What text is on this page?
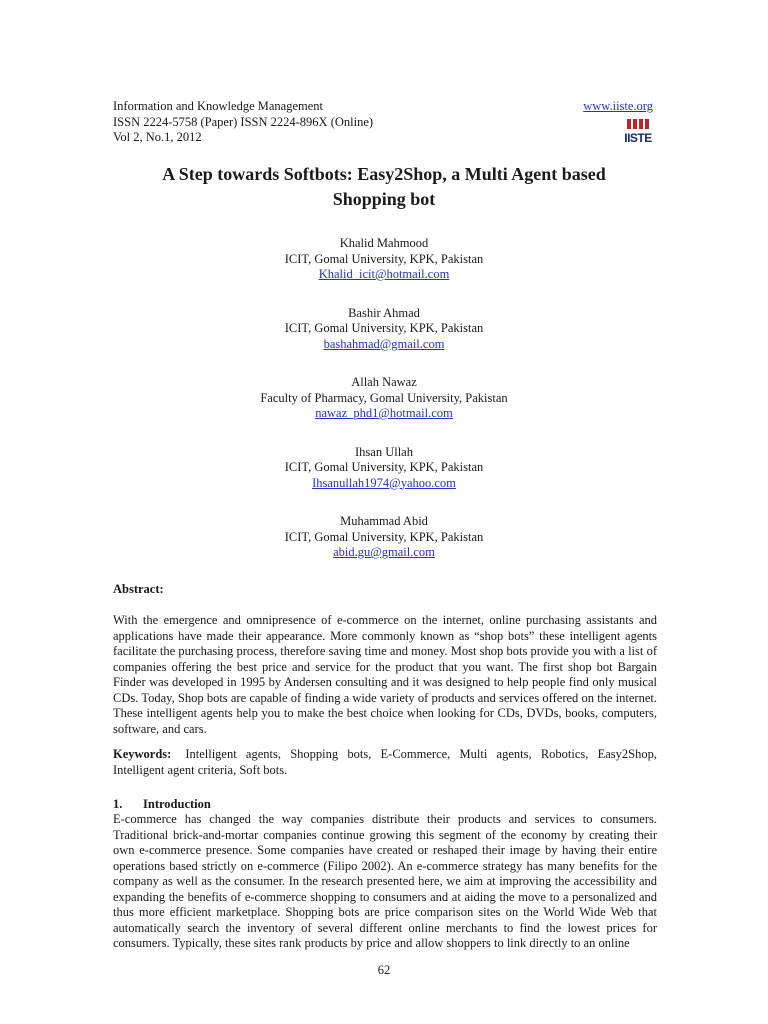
Information and Knowledge Management
ISSN 2224-5758 (Paper) ISSN 2224-896X (Online)
Vol 2, No.1, 2012
www.iiste.org
IISTE
A Step towards Softbots: Easy2Shop, a Multi Agent based
Shopping bot
Khalid Mahmood
ICIT, Gomal University, KPK, Pakistan
Khalid_icit@hotmail.com
Bashir Ahmad
ICIT, Gomal University, KPK, Pakistan
bashahmad@gmail.com
Allah Nawaz
Faculty of Pharmacy, Gomal University, Pakistan
nawaz_phd1@hotmail.com
Ihsan Ullah
ICIT, Gomal University, KPK, Pakistan
Ihsanullah1974@yahoo.com
Muhammad Abid
ICIT, Gomal University, KPK, Pakistan
abid.gu@gmail.com
Abstract:
With the emergence and omnipresence of e-commerce on the internet, online purchasing assistants and applications have made their appearance. More commonly known as “shop bots” these intelligent agents facilitate the purchasing process, therefore saving time and money. Most shop bots provide you with a list of companies offering the best price and service for the product that you want. The first shop bot Bargain Finder was developed in 1995 by Andersen consulting and it was designed to help people find only musical CDs. Today, Shop bots are capable of finding a wide variety of products and services offered on the internet. These intelligent agents help you to make the best choice when looking for CDs, DVDs, books, computers, software, and cars.
Keywords: Intelligent agents, Shopping bots, E-Commerce, Multi agents, Robotics, Easy2Shop, Intelligent agent criteria, Soft bots.
1. Introduction
E-commerce has changed the way companies distribute their products and services to consumers. Traditional brick-and-mortar companies continue growing this segment of the economy by creating their own e-commerce presence. Some companies have created or reshaped their image by having their entire operations based strictly on e-commerce (Filipo 2002). An e-commerce strategy has many benefits for the company as well as the consumer. In the research presented here, we aim at improving the accessibility and expanding the benefits of e-commerce shopping to consumers and at aiding the move to a personalized and thus more efficient marketplace. Shopping bots are price comparison sites on the World Wide Web that automatically search the inventory of several different online merchants to find the lowest prices for consumers. Typically, these sites rank products by price and allow shoppers to link directly to an online
62
